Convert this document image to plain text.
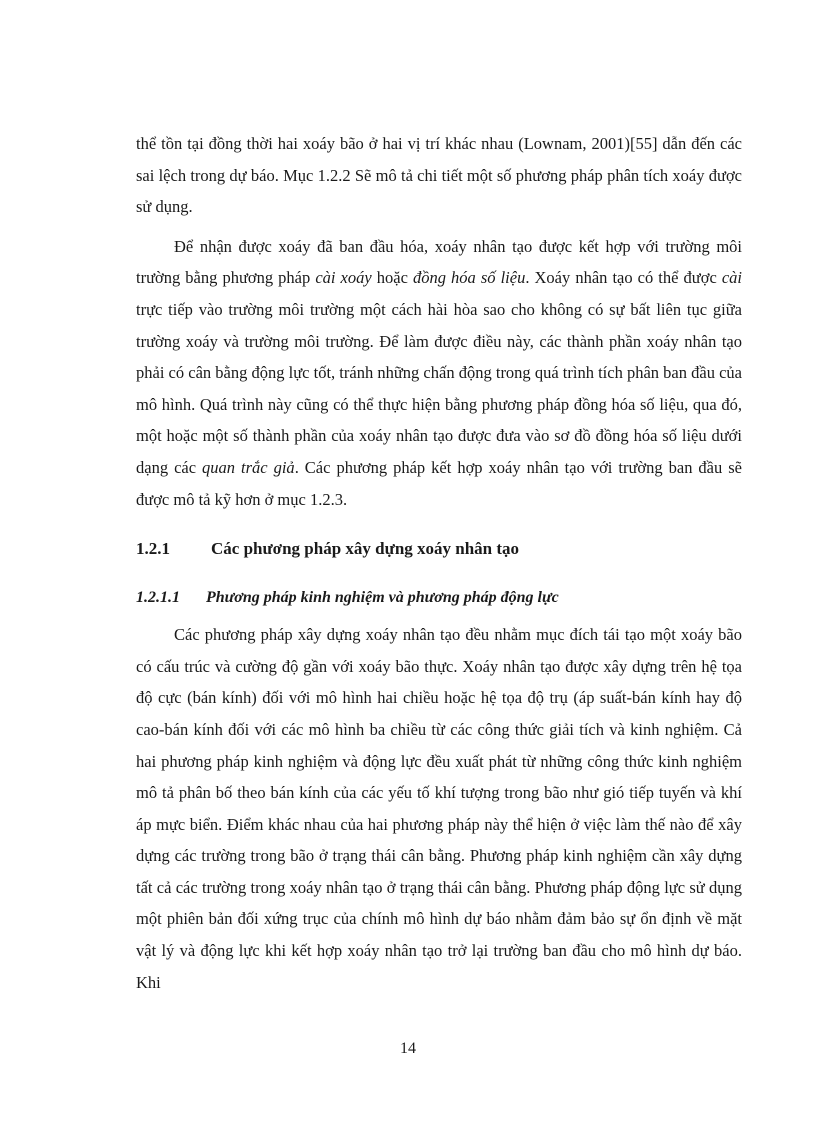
thể tồn tại đồng thời hai xoáy bão ở hai vị trí khác nhau (Lownam, 2001)[55] dẫn đến các sai lệch trong dự báo. Mục 1.2.2 Sẽ mô tả chi tiết một số phương pháp phân tích xoáy được sử dụng.

Để nhận được xoáy đã ban đầu hóa, xoáy nhân tạo được kết hợp với trường môi trường bằng phương pháp cài xoáy hoặc đồng hóa số liệu. Xoáy nhân tạo có thể được cài trực tiếp vào trường môi trường một cách hài hòa sao cho không có sự bất liên tục giữa trường xoáy và trường môi trường. Để làm được điều này, các thành phần xoáy nhân tạo phải có cân bằng động lực tốt, tránh những chấn động trong quá trình tích phân ban đầu của mô hình. Quá trình này cũng có thể thực hiện bằng phương pháp đồng hóa số liệu, qua đó, một hoặc một số thành phần của xoáy nhân tạo được đưa vào sơ đồ đồng hóa số liệu dưới dạng các quan trắc giả. Các phương pháp kết hợp xoáy nhân tạo với trường ban đầu sẽ được mô tả kỹ hơn ở mục 1.2.3.

1.2.1 Các phương pháp xây dựng xoáy nhân tạo
1.2.1.1 Phương pháp kinh nghiệm và phương pháp động lực

Các phương pháp xây dựng xoáy nhân tạo đều nhằm mục đích tái tạo một xoáy bão có cấu trúc và cường độ gần với xoáy bão thực. Xoáy nhân tạo được xây dựng trên hệ tọa độ cực (bán kính) đối với mô hình hai chiều hoặc hệ tọa độ trụ (áp suất-bán kính hay độ cao-bán kính đối với các mô hình ba chiều từ các công thức giải tích và kinh nghiệm. Cả hai phương pháp kinh nghiệm và động lực đều xuất phát từ những công thức kinh nghiệm mô tả phân bố theo bán kính của các yếu tố khí tượng trong bão như gió tiếp tuyến và khí áp mực biển. Điểm khác nhau của hai phương pháp này thể hiện ở việc làm thế nào để xây dựng các trường trong bão ở trạng thái cân bằng. Phương pháp kinh nghiệm cần xây dựng tất cả các trường trong xoáy nhân tạo ở trạng thái cân bằng. Phương pháp động lực sử dụng một phiên bản đối xứng trục của chính mô hình dự báo nhằm đảm bảo sự ổn định về mặt vật lý và động lực khi kết hợp xoáy nhân tạo trở lại trường ban đầu cho mô hình dự báo. Khi

14
